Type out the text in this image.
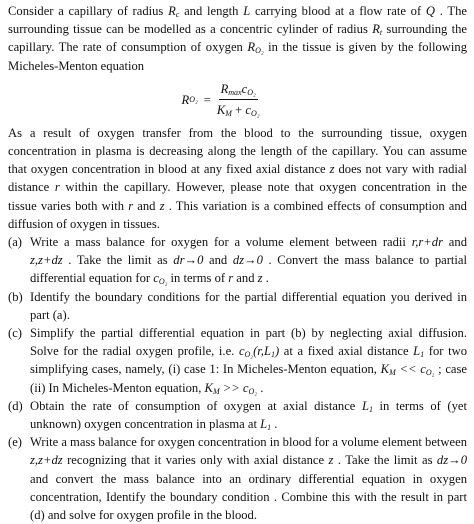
Consider a capillary of radius $R_c$ and length L carrying blood at a flow rate of Q . The surrounding tissue can be modelled as a concentric cylinder of radius $R_t$ surrounding the capillary. The rate of consumption of oxygen $R_{O_2}$ in the tissue is given by the following Micheles-Menton equation

R $O_2 = \frac{R_{max}c_{O_2}}{K_M + c_{O_2}}$

As a result of oxygen transfer from the blood to the surrounding tissue, oxygen concentration in plasma is decreasing along the length of the capillary. You can assume that oxygen concentration in blood at any fixed axial distance z does not vary with radial distance r within the capillary. However, please note that oxygen concentration in the tissue varies both with r and z . This variation is a combined effects of consumption and diffusion of oxygen in tissues.

(a) Write a mass balance for oxygen for a volume element between radii r,r+dr and z,z+dz . Take the limit as dr→0 and dz→0 . Convert the mass balance to partial differential equation for $c_{O_2}$ in terms of r and z .
(b) Identify the boundary conditions for the partial differential equation you derived in part (a).
(c) Simplify the partial differential equation in part (b) by neglecting axial diffusion. Solve for the radial oxygen profile, i.e. $c_{O_2}(r,L_1)$ at a fixed axial distance $L_1$ for two simplifying cases, namely, (i) case 1: In Micheles-Menton equation, $K_M << c_{O_2}$ ; case (ii) In Micheles-Menton equation, $K_M >> c_{O_2}$ .
(d) Obtain the rate of consumption of oxygen at axial distance $L_1$ in terms of (yet unknown) oxygen concentration in plasma at $L_1$ .
(e) Write a mass balance for oxygen concentration in blood for a volume element between z,z+dz recognizing that it varies only with axial distance z . Take the limit as dz→0 and convert the mass balance into an ordinary differential equation in oxygen concentration, Identify the boundary condition . Combine this with the result in part (d) and solve for oxygen profile in the blood.
